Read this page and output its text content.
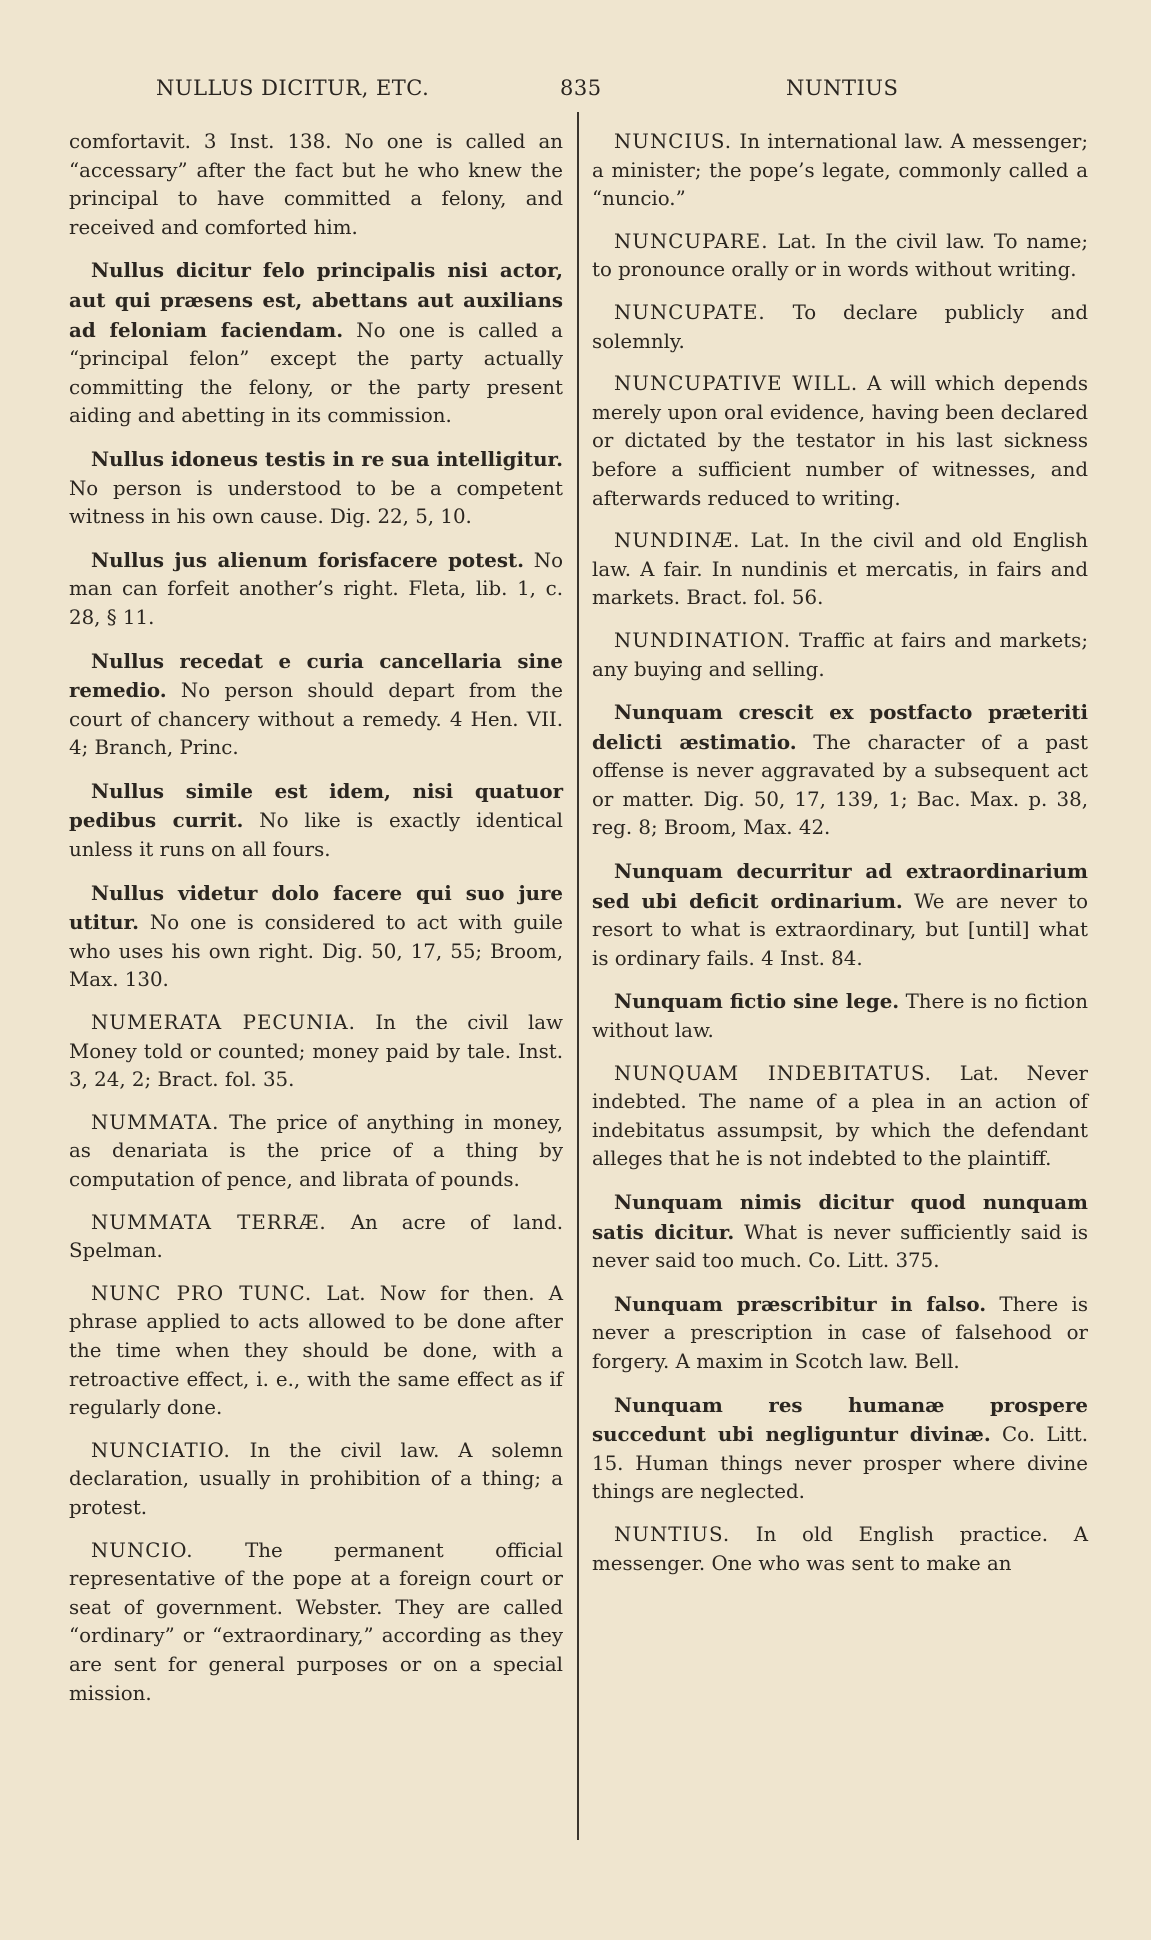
NULLUS DICITUR, ETC.	835	NUNTIUS

comfortavit. 3 Inst. 138. No one is called an “accessary” after the fact but he who knew the principal to have committed a felony, and received and comforted him.

Nullus dicitur felo principalis nisi actor, aut qui præsens est, abettans aut auxilians ad feloniam faciendam. No one is called a “principal felon” except the party actually committing the felony, or the party present aiding and abetting in its commission.

Nullus idoneus testis in re sua intelligitur. No person is understood to be a competent witness in his own cause. Dig. 22, 5, 10.

Nullus jus alienum forisfacere potest. No man can forfeit another’s right. Fleta, lib. 1, c. 28, § 11.

Nullus recedat e curia cancellaria sine remedio. No person should depart from the court of chancery without a remedy. 4 Hen. VII. 4; Branch, Princ.

Nullus simile est idem, nisi quatuor pedibus currit. No like is exactly identical unless it runs on all fours.

Nullus videtur dolo facere qui suo jure utitur. No one is considered to act with guile who uses his own right. Dig. 50, 17, 55; Broom, Max. 130.

NUMERATA PECUNIA. In the civil law Money told or counted; money paid by tale. Inst. 3, 24, 2; Bract. fol. 35.

NUMMATA. The price of anything in money, as denariata is the price of a thing by computation of pence, and librata of pounds.

NUMMATA TERRÆ. An acre of land. Spelman.

NUNC PRO TUNC. Lat. Now for then. A phrase applied to acts allowed to be done after the time when they should be done, with a retroactive effect, i. e., with the same effect as if regularly done.

NUNCIATIO. In the civil law. A solemn declaration, usually in prohibition of a thing; a protest.

NUNCIO. The permanent official representative of the pope at a foreign court or seat of government. Webster. They are called “ordinary” or “extraordinary,” according as they are sent for general purposes or on a special mission.

NUNCIUS. In international law. A messenger; a minister; the pope’s legate, commonly called a “nuncio.”

NUNCUPARE. Lat. In the civil law. To name; to pronounce orally or in words without writing.

NUNCUPATE. To declare publicly and solemnly.

NUNCUPATIVE WILL. A will which depends merely upon oral evidence, having been declared or dictated by the testator in his last sickness before a sufficient number of witnesses, and afterwards reduced to writing.

NUNDINÆ. Lat. In the civil and old English law. A fair. In nundinis et mercatis, in fairs and markets. Bract. fol. 56.

NUNDINATION. Traffic at fairs and markets; any buying and selling.

Nunquam crescit ex postfacto præteriti delicti æstimatio. The character of a past offense is never aggravated by a subsequent act or matter. Dig. 50, 17, 139, 1; Bac. Max. p. 38, reg. 8; Broom, Max. 42.

Nunquam decurritur ad extraordinarium sed ubi deficit ordinarium. We are never to resort to what is extraordinary, but [until] what is ordinary fails. 4 Inst. 84.

Nunquam fictio sine lege. There is no fiction without law.

NUNQUAM INDEBITATUS. Lat. Never indebted. The name of a plea in an action of indebitatus assumpsit, by which the defendant alleges that he is not indebted to the plaintiff.

Nunquam nimis dicitur quod nunquam satis dicitur. What is never sufficiently said is never said too much. Co. Litt. 375.

Nunquam præscribitur in falso. There is never a prescription in case of falsehood or forgery. A maxim in Scotch law. Bell.

Nunquam res humanæ prospere succedunt ubi negliguntur divinæ. Co. Litt. 15. Human things never prosper where divine things are neglected.

NUNTIUS. In old English practice. A messenger. One who was sent to make an
